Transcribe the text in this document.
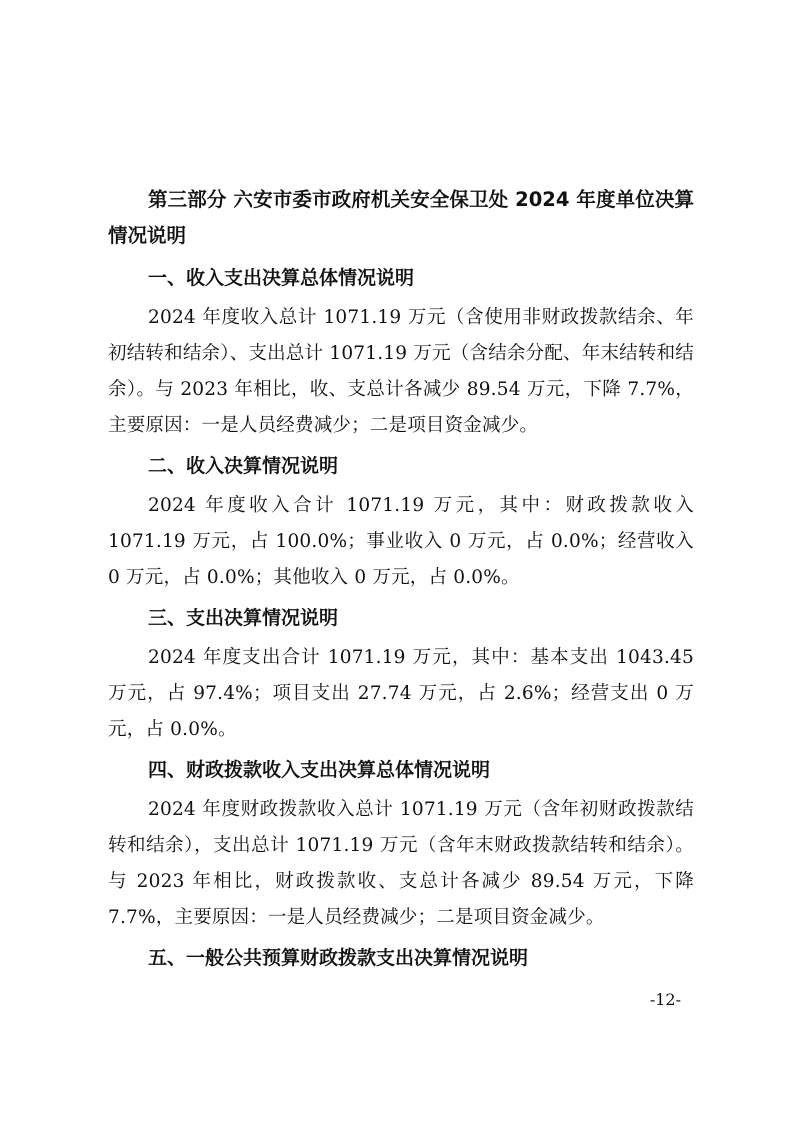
第三部分 六安市委市政府机关安全保卫处 2024 年度单位决算情况说明

一、收入支出决算总体情况说明

2024 年度收入总计 1071.19 万元（含使用非财政拨款结余、年初结转和结余）、支出总计 1071.19 万元（含结余分配、年末结转和结余）。与 2023 年相比，收、支总计各减少 89.54 万元，下降 7.7%，主要原因：一是人员经费减少；二是项目资金减少。

二、收入决算情况说明

2024 年度收入合计 1071.19 万元，其中：财政拨款收入 1071.19 万元，占 100.0%；事业收入 0 万元，占 0.0%；经营收入 0 万元，占 0.0%；其他收入 0 万元，占 0.0%。

三、支出决算情况说明

2024 年度支出合计 1071.19 万元，其中：基本支出 1043.45 万元，占 97.4%；项目支出 27.74 万元，占 2.6%；经营支出 0 万元，占 0.0%。

四、财政拨款收入支出决算总体情况说明

2024 年度财政拨款收入总计 1071.19 万元（含年初财政拨款结转和结余），支出总计 1071.19 万元（含年末财政拨款结转和结余）。与 2023 年相比，财政拨款收、支总计各减少 89.54 万元，下降 7.7%，主要原因：一是人员经费减少；二是项目资金减少。

五、一般公共预算财政拨款支出决算情况说明

-12-
